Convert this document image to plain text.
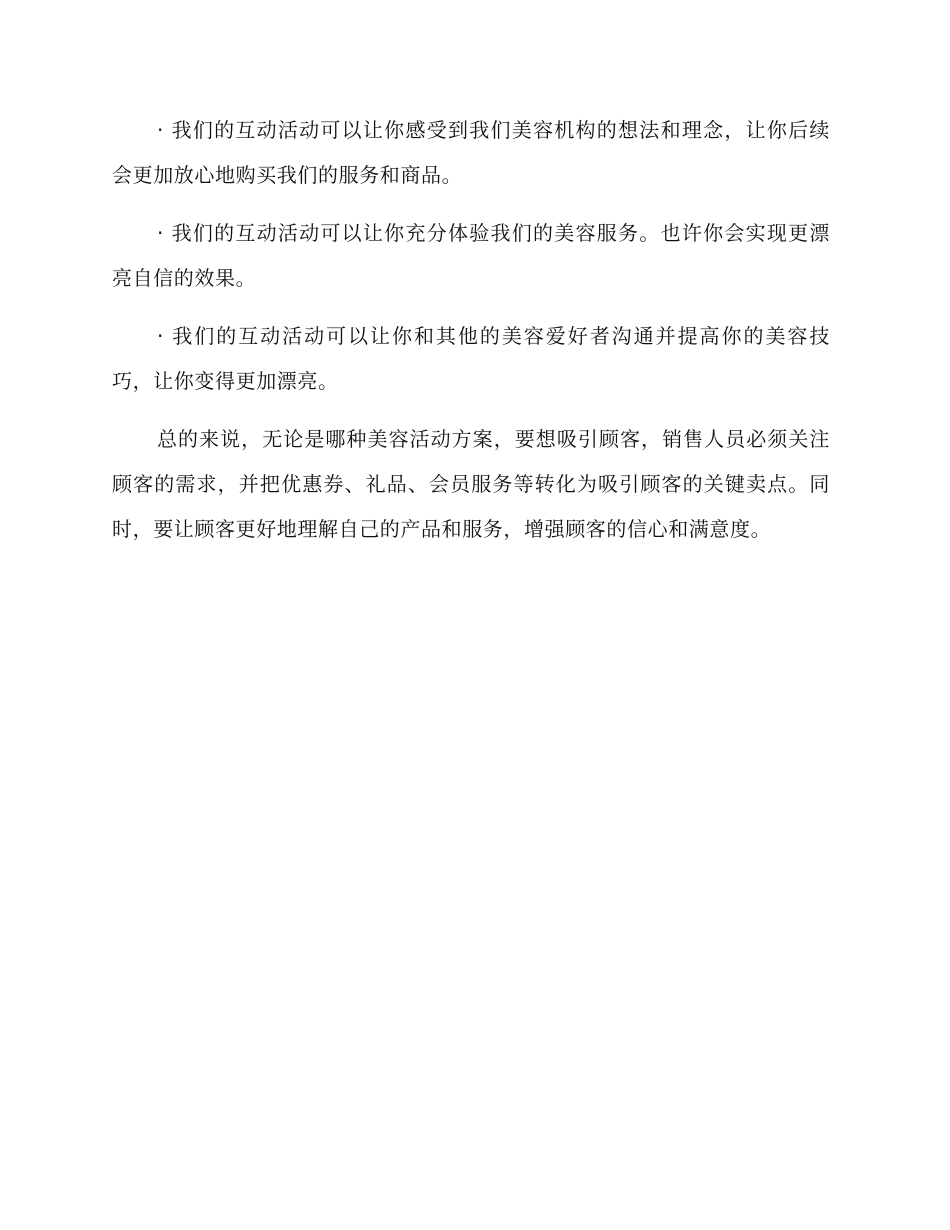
· 我们的互动活动可以让你感受到我们美容机构的想法和理念，让你后续会更加放心地购买我们的服务和商品。

· 我们的互动活动可以让你充分体验我们的美容服务。也许你会实现更漂亮自信的效果。

· 我们的互动活动可以让你和其他的美容爱好者沟通并提高你的美容技巧，让你变得更加漂亮。

总的来说，无论是哪种美容活动方案，要想吸引顾客，销售人员必须关注顾客的需求，并把优惠券、礼品、会员服务等转化为吸引顾客的关键卖点。同时，要让顾客更好地理解自己的产品和服务，增强顾客的信心和满意度。
